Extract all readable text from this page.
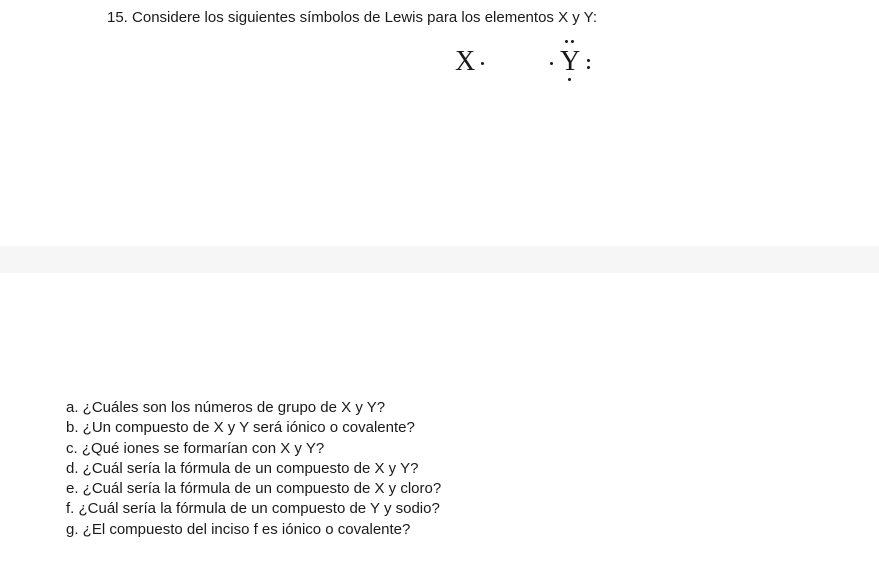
15. Considere los siguientes símbolos de Lewis para los elementos X y Y:
X	Y
a. ¿Cuáles son los números de grupo de X y Y?
b. ¿Un compuesto de X y Y será iónico o covalente?
c. ¿Qué iones se formarían con X y Y?
d. ¿Cuál sería la fórmula de un compuesto de X y Y?
e. ¿Cuál sería la fórmula de un compuesto de X y cloro?
f. ¿Cuál sería la fórmula de un compuesto de Y y sodio?
g. ¿El compuesto del inciso f es iónico o covalente?
